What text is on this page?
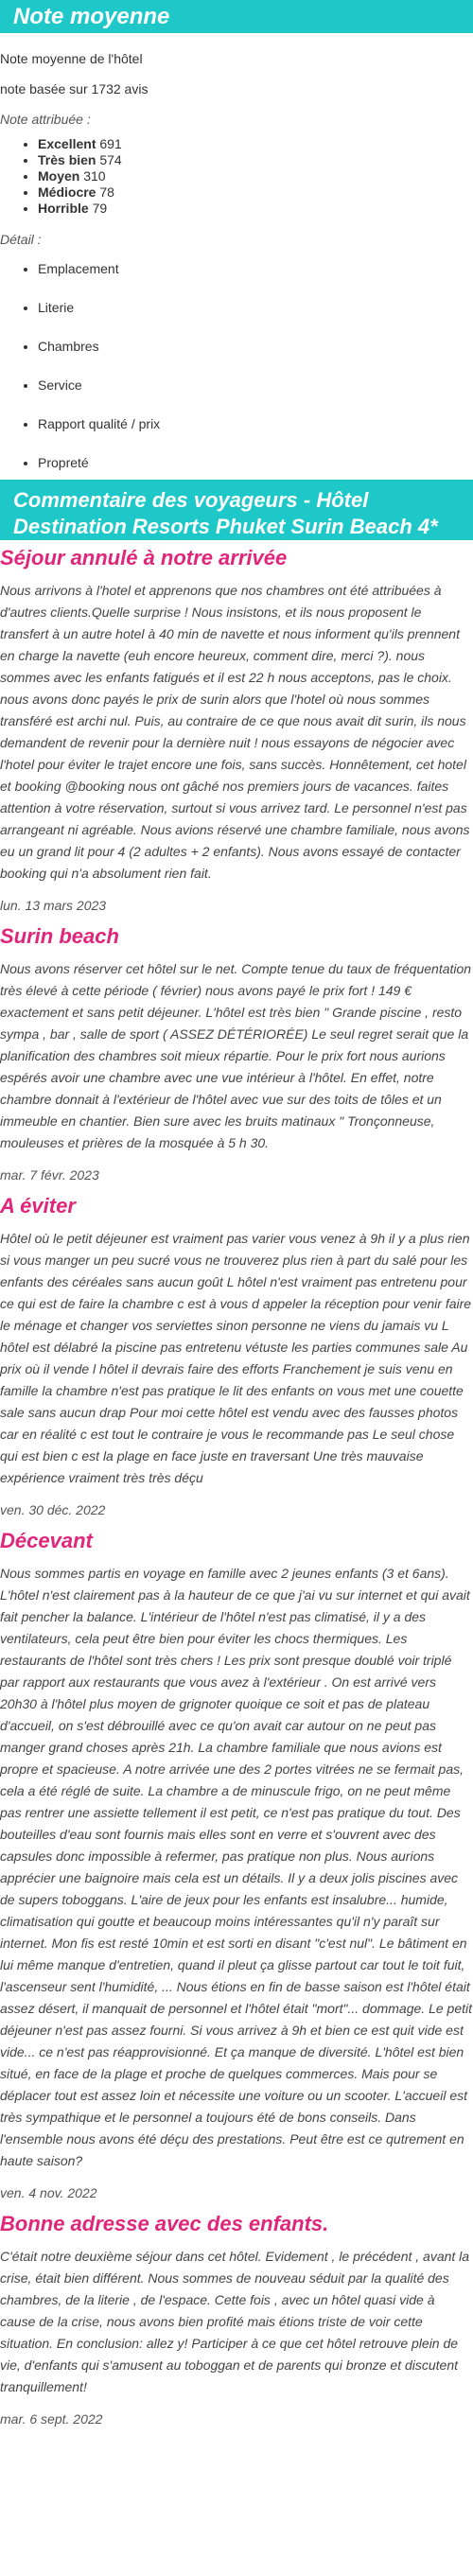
Note moyenne

Note moyenne de l'hôtel

note basée sur 1732 avis

Note attribuée :

• Excellent 691
• Très bien 574
• Moyen 310
• Médiocre 78
• Horrible 79

Détail :

• Emplacement
• Literie
• Chambres
• Service
• Rapport qualité / prix
• Propreté
Commentaire des voyageurs - Hôtel Destination Resorts Phuket Surin Beach 4*
Séjour annulé à notre arrivée

Nous arrivons à l'hotel et apprenons que nos chambres ont été attribuées à d'autres clients.Quelle surprise ! Nous insistons, et ils nous proposent le transfert à un autre hotel à 40 min de navette et nous informent qu'ils prennent en charge la navette (euh encore heureux, comment dire, merci ?). nous sommes avec les enfants fatigués et il est 22 h nous acceptons, pas le choix. nous avons donc payés le prix de surin alors que l'hotel où nous sommes transféré est archi nul. Puis, au contraire de ce que nous avait dit surin, ils nous demandent de revenir pour la dernière nuit ! nous essayons de négocier avec l'hotel pour éviter le trajet encore une fois, sans succès. Honnêtement, cet hotel et booking @booking nous ont gâché nos premiers jours de vacances. faites attention à votre réservation, surtout si vous arrivez tard. Le personnel n'est pas arrangeant ni agréable. Nous avions réservé une chambre familiale, nous avons eu un grand lit pour 4 (2 adultes + 2 enfants). Nous avons essayé de contacter booking qui n'a absolument rien fait.

lun. 13 mars 2023

Surin beach

Nous avons réserver cet hôtel sur le net. Compte tenue du taux de fréquentation très élevé à cette période ( février) nous avons payé le prix fort ! 149 € exactement et sans petit déjeuner. L'hôtel est très bien " Grande piscine , resto sympa , bar , salle de sport ( ASSEZ DÉTÉRIORÉE) Le seul regret serait que la planification des chambres soit mieux répartie. Pour le prix fort nous aurions espérés avoir une chambre avec une vue intérieur à l'hôtel. En effet, notre chambre donnait à l'extérieur de l'hôtel avec vue sur des toits de tôles et un immeuble en chantier. Bien sure avec les bruits matinaux " Tronçonneuse, mouleuses et prières de la mosquée à 5 h 30.

mar. 7 févr. 2023

A éviter

Hôtel où le petit déjeuner est vraiment pas varier vous venez à 9h il y a plus rien si vous manger un peu sucré vous ne trouverez plus rien à part du salé pour les enfants des céréales sans aucun goût L hôtel n'est vraiment pas entretenu pour ce qui est de faire la chambre c est à vous d appeler la réception pour venir faire le ménage et changer vos serviettes sinon personne ne viens du jamais vu L hôtel est délabré la piscine pas entretenu vétuste les parties communes sale Au prix où il vende l hôtel il devrais faire des efforts Franchement je suis venu en famille la chambre n'est pas pratique le lit des enfants on vous met une couette sale sans aucun drap Pour moi cette hôtel est vendu avec des fausses photos car en réalité c est tout le contraire je vous le recommande pas Le seul chose qui est bien c est la plage en face juste en traversant Une très mauvaise expérience vraiment très très déçu

ven. 30 déc. 2022

Décevant

Nous sommes partis en voyage en famille avec 2 jeunes enfants (3 et 6ans). L'hôtel n'est clairement pas à la hauteur de ce que j'ai vu sur internet et qui avait fait pencher la balance. L'intérieur de l'hôtel n'est pas climatisé, il y a des ventilateurs, cela peut être bien pour éviter les chocs thermiques. Les restaurants de l'hôtel sont très chers ! Les prix sont presque doublé voir triplé par rapport aux restaurants que vous avez à l'extérieur . On est arrivé vers 20h30 à l'hôtel plus moyen de grignoter quoique ce soit et pas de plateau d'accueil, on s'est débrouillé avec ce qu'on avait car autour on ne peut pas manger grand choses après 21h. La chambre familiale que nous avions est propre et spacieuse. A notre arrivée une des 2 portes vitrées ne se fermait pas, cela a été réglé de suite. La chambre a de minuscule frigo, on ne peut même pas rentrer une assiette tellement il est petit, ce n'est pas pratique du tout. Des bouteilles d'eau sont fournis mais elles sont en verre et s'ouvrent avec des capsules donc impossible à refermer, pas pratique non plus. Nous aurions apprécier une baignoire mais cela est un détails. Il y a deux jolis piscines avec de supers toboggans. L'aire de jeux pour les enfants est insalubre... humide, climatisation qui goutte et beaucoup moins intéressantes qu'il n'y paraît sur internet. Mon fis est resté 10min et est sorti en disant "c'est nul". Le bâtiment en lui même manque d'entretien, quand il pleut ça glisse partout car tout le toit fuit, l'ascenseur sent l'humidité, ... Nous étions en fin de basse saison est l'hôtel était assez désert, il manquait de personnel et l'hôtel était "mort"... dommage. Le petit déjeuner n'est pas assez fourni. Si vous arrivez à 9h et bien ce est quit vide est vide... ce n'est pas réapprovisionné. Et ça manque de diversité. L'hôtel est bien situé, en face de la plage et proche de quelques commerces. Mais pour se déplacer tout est assez loin et nécessite une voiture ou un scooter. L'accueil est très sympathique et le personnel a toujours été de bons conseils. Dans l'ensemble nous avons été déçu des prestations. Peut être est ce qutrement en haute saison?

ven. 4 nov. 2022

Bonne adresse avec des enfants.

C'était notre deuxième séjour dans cet hôtel. Evidement , le précédent , avant la crise, était bien différent. Nous sommes de nouveau séduit par la qualité des chambres, de la literie , de l'espace. Cette fois , avec un hôtel quasi vide à cause de la crise, nous avons bien profité mais étions triste de voir cette situation. En conclusion: allez y! Participer à ce que cet hôtel retrouve plein de vie, d'enfants qui s'amusent au toboggan et de parents qui bronze et discutent tranquillement!

mar. 6 sept. 2022
